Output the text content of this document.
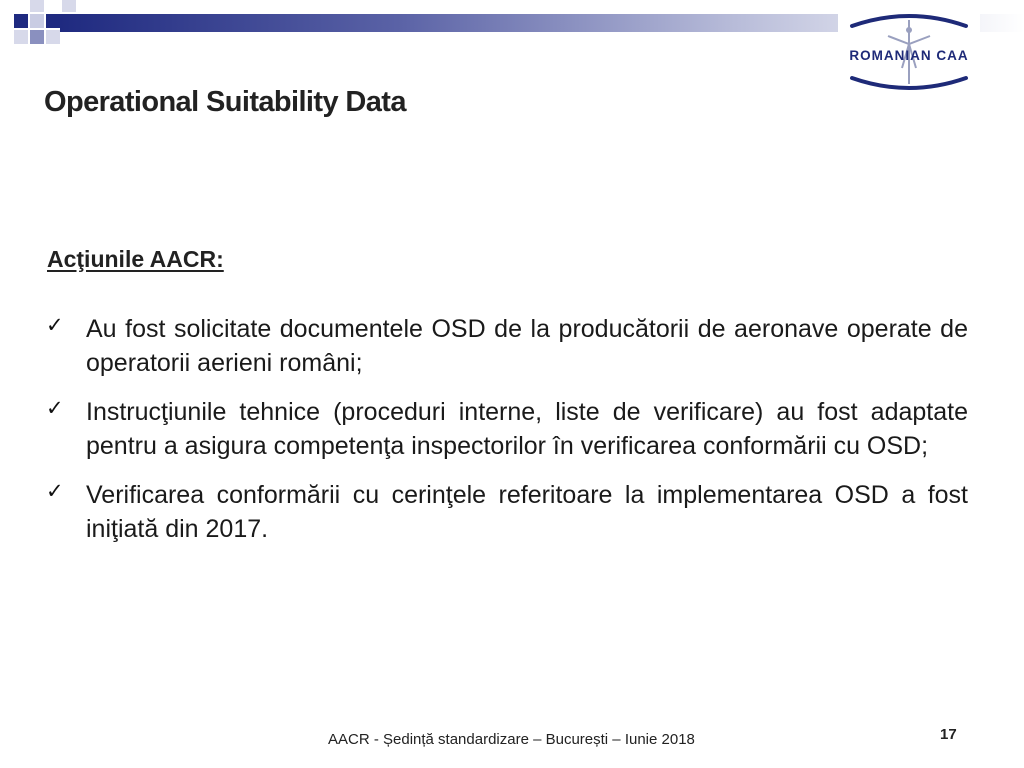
ROMANIAN CAA
Operational Suitability Data
Acţiunile AACR:
✓ Au fost solicitate documentele OSD de la producătorii de aeronave operate de operatorii aerieni români;
✓ Instrucţiunile tehnice (proceduri interne, liste de verificare) au fost adaptate pentru a asigura competenţa inspectorilor în verificarea conformării cu OSD;
✓ Verificarea conformării cu cerinţele referitoare la implementarea OSD a fost iniţiată din 2017.
AACR - Ședință standardizare – București – Iunie 2018	17
